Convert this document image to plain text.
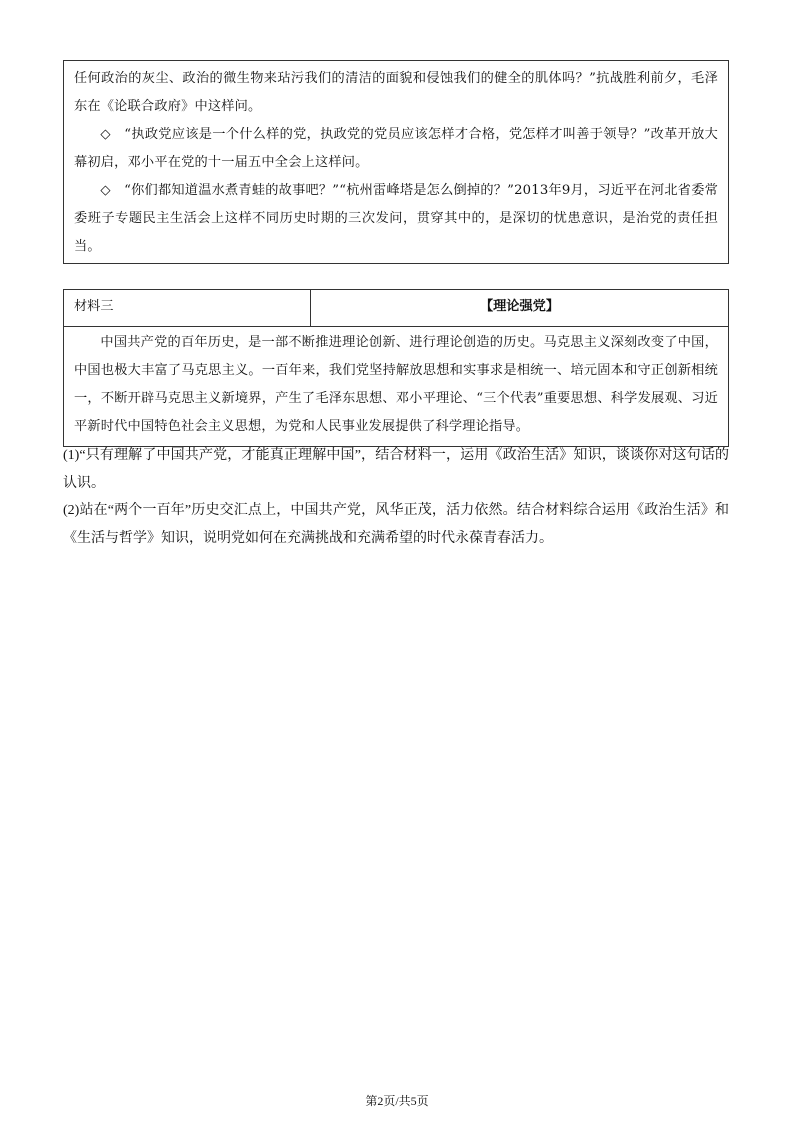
任何政治的灰尘、政治的微生物来玷污我们的清洁的面貌和侵蚀我们的健全的肌体吗？”抗战胜利前夕，毛泽东在《论联合政府》中这样问。

◇　“执政党应该是一个什么样的党，执政党的党员应该怎样才合格，党怎样才叫善于领导？”改革开放大幕初启，邓小平在党的十一届五中全会上这样问。

◇　“你们都知道温水煮青蛙的故事吧？”“杭州雷峰塔是怎么倒掉的？”2013年9月，习近平在河北省委常委班子专题民主生活会上这样不同历史时期的三次发问，贯穿其中的，是深切的忧患意识，是治党的责任担当。

材料三	【理论强党】

中国共产党的百年历史，是一部不断推进理论创新、进行理论创造的历史。马克思主义深刻改变了中国，中国也极大丰富了马克思主义。一百年来，我们党坚持解放思想和实事求是相统一、培元固本和守正创新相统一，不断开辟马克思主义新境界，产生了毛泽东思想、邓小平理论、“三个代表”重要思想、科学发展观、习近平新时代中国特色社会主义思想，为党和人民事业发展提供了科学理论指导。

(1)“只有理解了中国共产党，才能真正理解中国”，结合材料一，运用《政治生活》知识，谈谈你对这句话的认识。
(2)站在“两个一百年”历史交汇点上，中国共产党，风华正茂，活力依然。结合材料综合运用《政治生活》和《生活与哲学》知识，说明党如何在充满挑战和充满希望的时代永葆青春活力。
第2页/共5页
